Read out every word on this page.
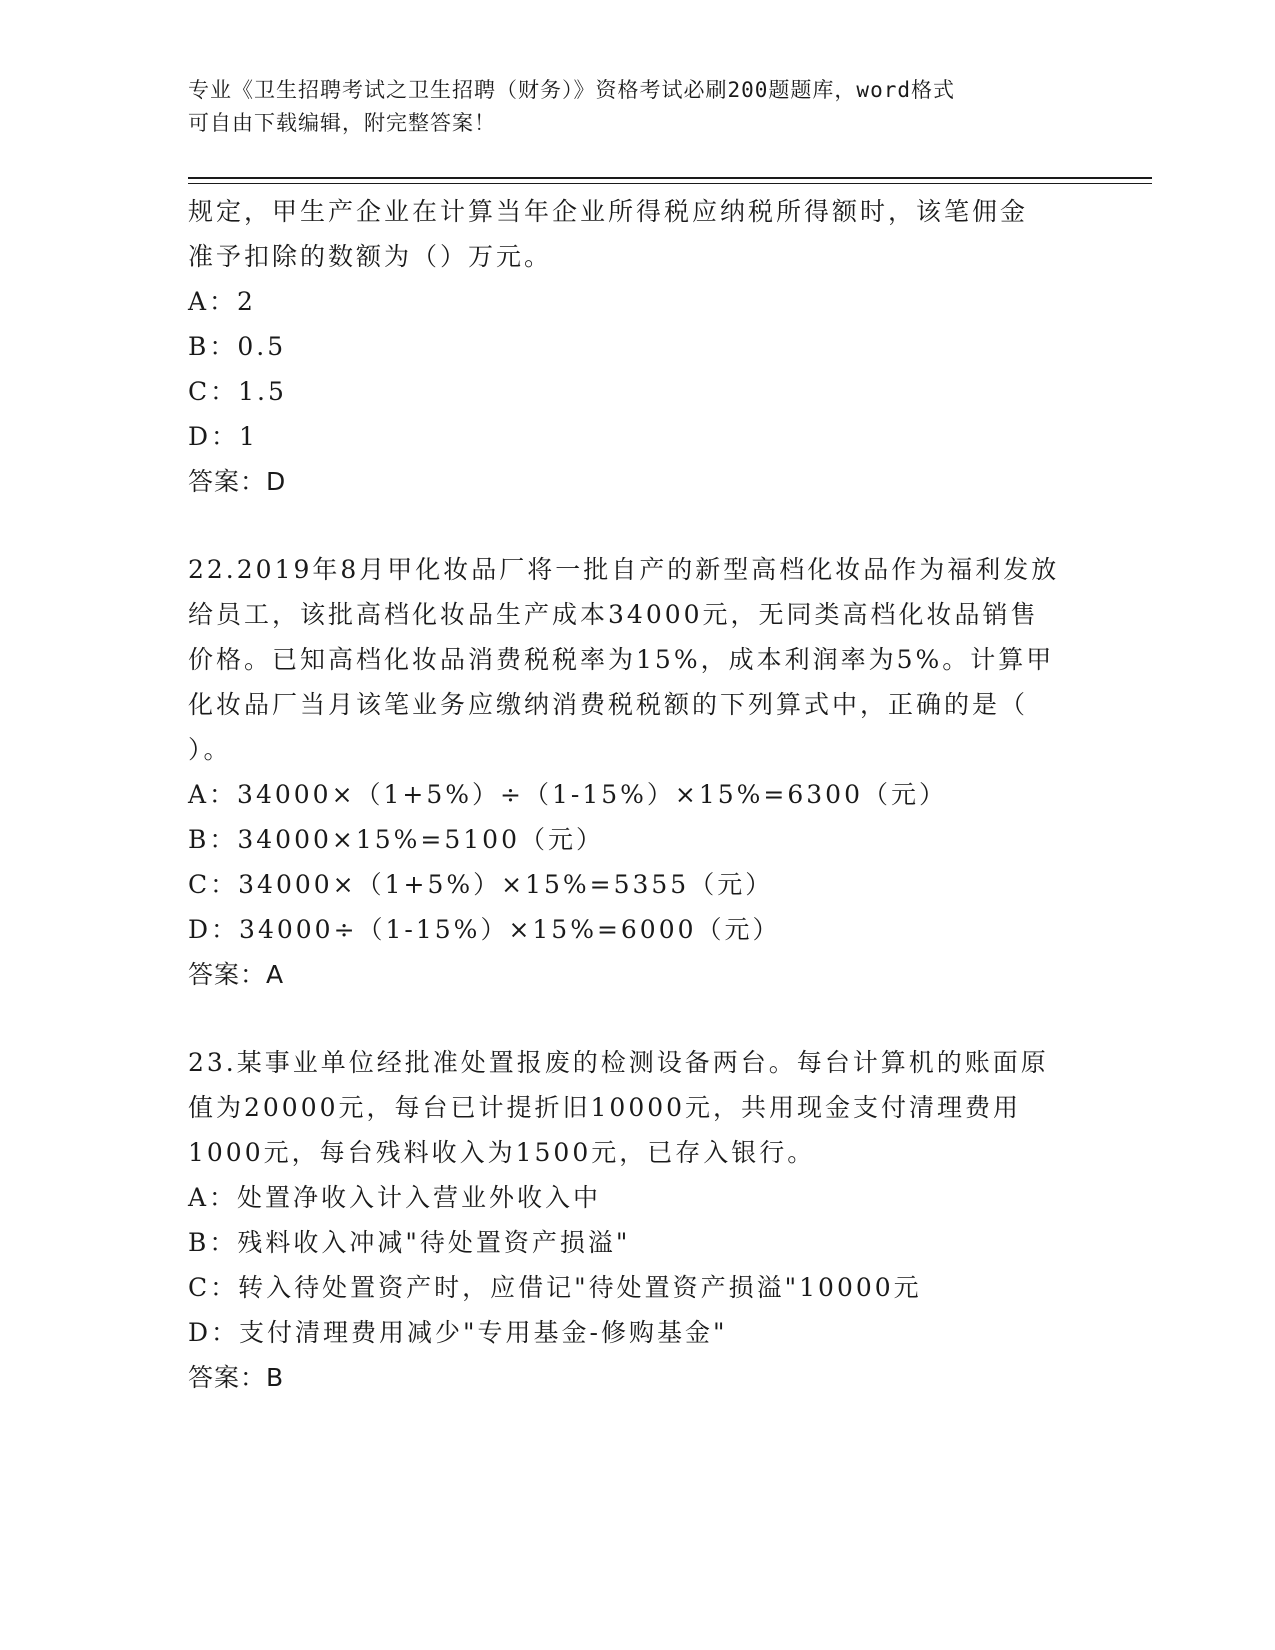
专业《卫生招聘考试之卫生招聘（财务）》资格考试必刷200题题库，word格式
可自由下载编辑，附完整答案！
规定，甲生产企业在计算当年企业所得税应纳税所得额时，该笔佣金
准予扣除的数额为（）万元。
A：2
B：0.5
C：1.5
D：1
答案：D
22.2019年8月甲化妆品厂将一批自产的新型高档化妆品作为福利发放
给员工，该批高档化妆品生产成本34000元，无同类高档化妆品销售
价格。已知高档化妆品消费税税率为15%，成本利润率为5%。计算甲
化妆品厂当月该笔业务应缴纳消费税税额的下列算式中，正确的是（
）。
A：34000×（1+5%）÷（1-15%）×15%=6300（元）
B：34000×15%=5100（元）
C：34000×（1+5%）×15%=5355（元）
D：34000÷（1-15%）×15%=6000（元）
答案：A
23.某事业单位经批准处置报废的检测设备两台。每台计算机的账面原
值为20000元，每台已计提折旧10000元，共用现金支付清理费用
1000元，每台残料收入为1500元，已存入银行。
A：处置净收入计入营业外收入中
B：残料收入冲减"待处置资产损溢"
C：转入待处置资产时，应借记"待处置资产损溢"10000元
D：支付清理费用减少"专用基金-修购基金"
答案：B
